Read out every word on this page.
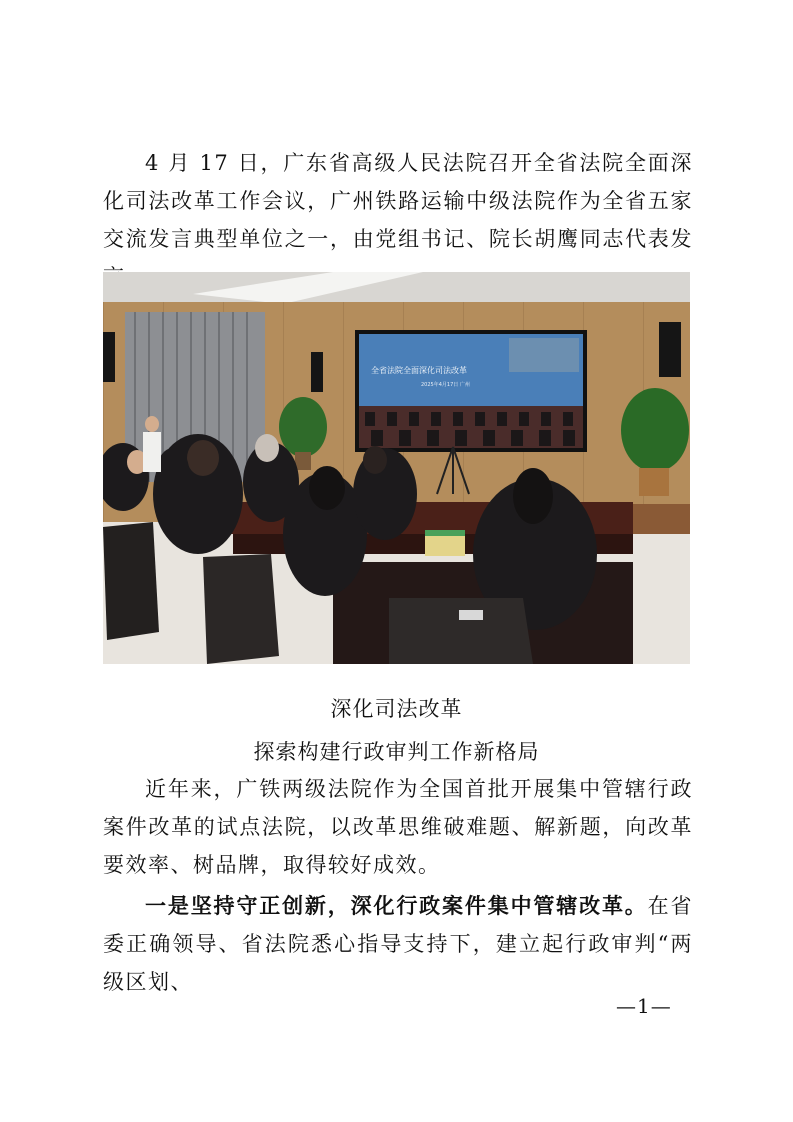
4 月 17 日，广东省高级人民法院召开全省法院全面深化司法改革工作会议，广州铁路运输中级法院作为全省五家交流发言典型单位之一，由党组书记、院长胡鹰同志代表发

全省法院全面深化司法改革
2025年4月17日 广州

深化司法改革

探索构建行政审判工作新格局

近年来，广铁两级法院作为全国首批开展集中管辖行政案件改革的试点法院，以改革思维破难题、解新题，向改革要效率、树品牌，取得较好成效。

一是坚持守正创新，深化行政案件集中管辖改革。在省委正确领导、省法院悉心指导支持下，建立起行政审判“两级区划、

—1—
